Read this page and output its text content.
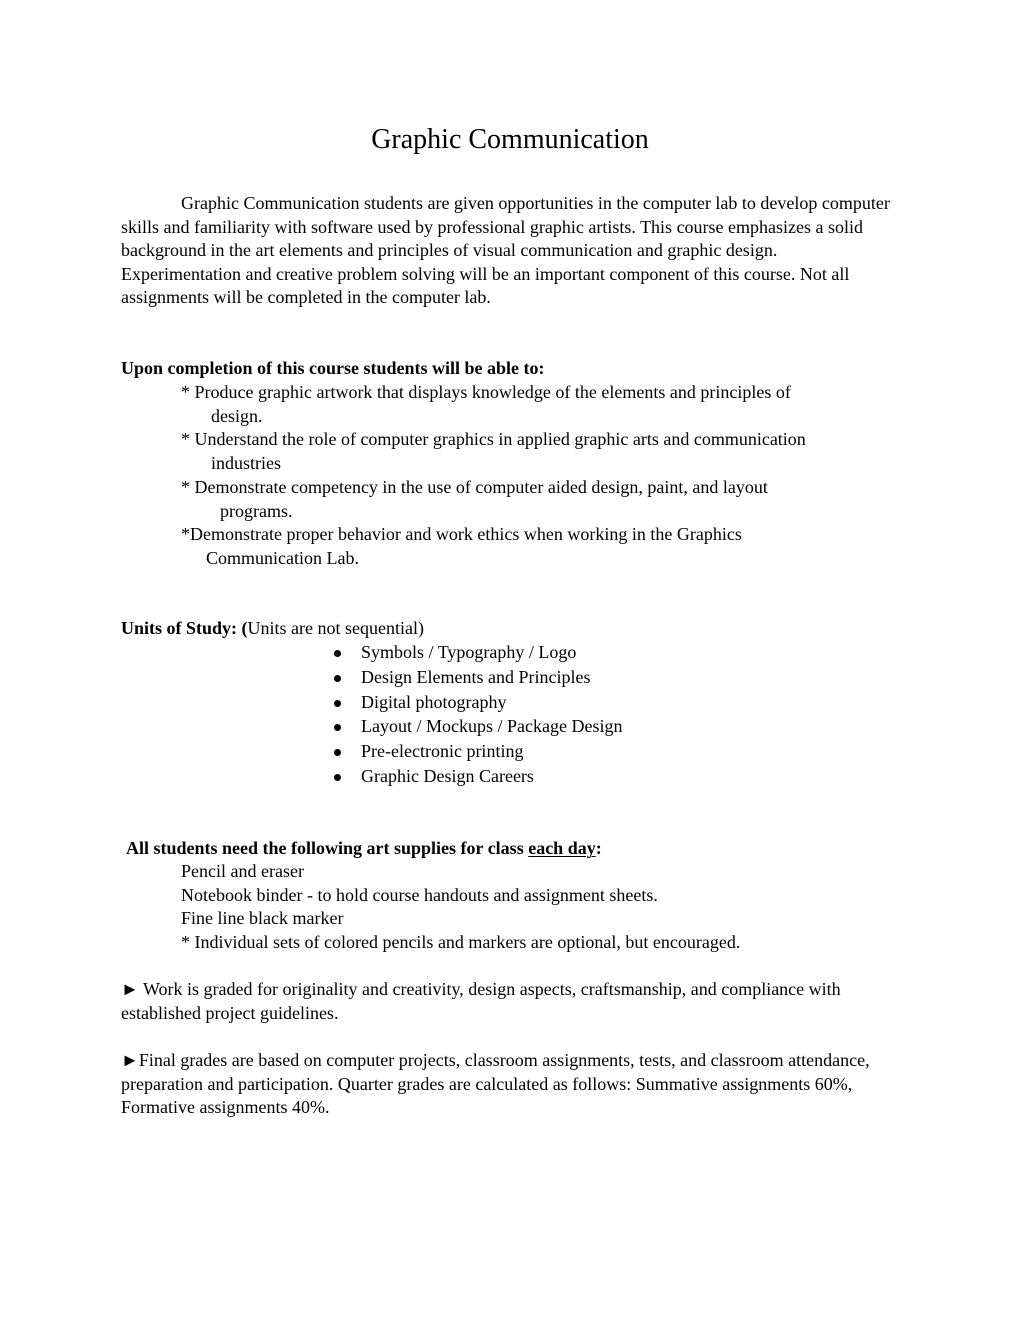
Graphic Communication
Graphic Communication students are given opportunities in the computer lab to develop computer skills and familiarity with software used by professional graphic artists. This course emphasizes a solid background in the art elements and principles of visual communication and graphic design. Experimentation and creative problem solving will be an important component of this course. Not all assignments will be completed in the computer lab.
Upon completion of this course students will be able to:
* Produce graphic artwork that displays knowledge of the elements and principles of
design.
* Understand the role of computer graphics in applied graphic arts and communication
industries
* Demonstrate competency in the use of computer aided design, paint, and layout
programs.
*Demonstrate proper behavior and work ethics when working in the Graphics
Communication Lab.
Units of Study: (Units are not sequential)
Symbols / Typography / Logo
Design Elements and Principles
Digital photography
Layout / Mockups / Package Design
Pre-electronic printing
Graphic Design Careers
All students need the following art supplies for class each day:
Pencil and eraser
Notebook binder - to hold course handouts and assignment sheets.
Fine line black marker
* Individual sets of colored pencils and markers are optional, but encouraged.
► Work is graded for originality and creativity, design aspects, craftsmanship, and compliance with established project guidelines.
►Final grades are based on computer projects, classroom assignments, tests, and classroom attendance, preparation and participation. Quarter grades are calculated as follows: Summative assignments 60%, Formative assignments 40%.
